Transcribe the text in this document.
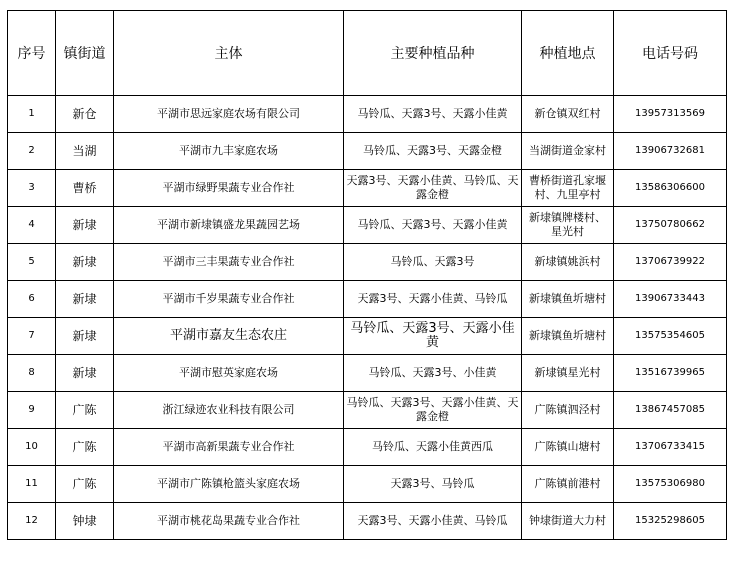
序号	镇街道	主体	主要种植品种	种植地点	电话号码
1	新仓	平湖市思远家庭农场有限公司	马铃瓜、天露3号、天露小佳黄	新仓镇双红村	13957313569
2	当湖	平湖市九丰家庭农场	马铃瓜、天露3号、天露金橙	当湖街道金家村	13906732681
3	曹桥	平湖市绿野果蔬专业合作社	天露3号、天露小佳黄、马铃瓜、天露金橙	曹桥街道孔家堰村、九里亭村	13586306600
4	新埭	平湖市新埭镇盛龙果蔬园艺场	马铃瓜、天露3号、天露小佳黄	新埭镇牌楼村、星光村	13750780662
5	新埭	平湖市三丰果蔬专业合作社	马铃瓜、天露3号	新埭镇姚浜村	13706739922
6	新埭	平湖市千岁果蔬专业合作社	天露3号、天露小佳黄、马铃瓜	新埭镇鱼圻塘村	13906733443
7	新埭	平湖市嘉友生态农庄	马铃瓜、天露3号、天露小佳黄	新埭镇鱼圻塘村	13575354605
8	新埭	平湖市慰英家庭农场	马铃瓜、天露3号、小佳黄	新埭镇星光村	13516739965
9	广陈	浙江绿迹农业科技有限公司	马铃瓜、天露3号、天露小佳黄、天露金橙	广陈镇泗泾村	13867457085
10	广陈	平湖市高新果蔬专业合作社	马铃瓜、天露小佳黄西瓜	广陈镇山塘村	13706733415
11	广陈	平湖市广陈镇枪篮头家庭农场	天露3号、马铃瓜	广陈镇前港村	13575306980
12	钟埭	平湖市桃花岛果蔬专业合作社	天露3号、天露小佳黄、马铃瓜	钟埭街道大力村	15325298605
